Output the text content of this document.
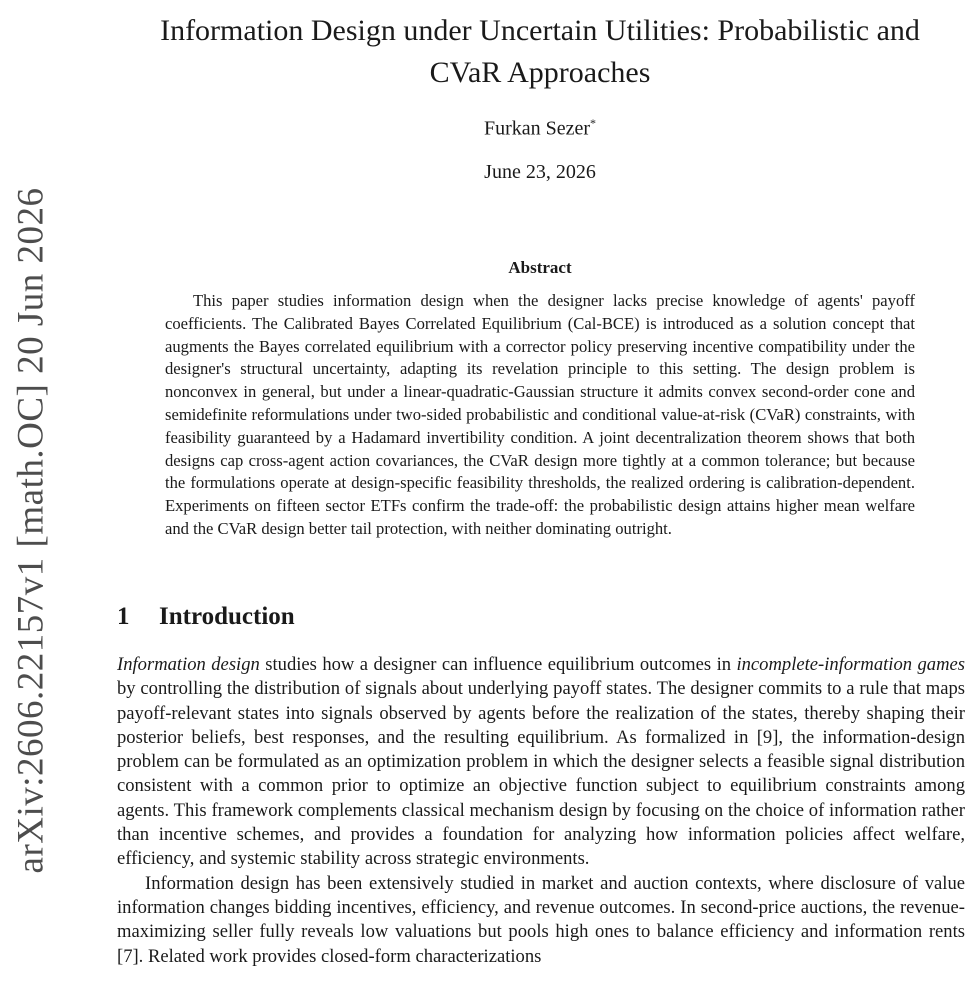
arXiv:2606.22157v1 [math.OC] 20 Jun 2026
Information Design under Uncertain Utilities: Probabilistic and CVaR Approaches
Furkan Sezer*
June 23, 2026
Abstract

This paper studies information design when the designer lacks precise knowledge of agents' payoff coefficients. The Calibrated Bayes Correlated Equilibrium (Cal-BCE) is introduced as a solution concept that augments the Bayes correlated equilibrium with a corrector policy preserving incentive compatibility under the designer's structural uncertainty, adapting its revelation principle to this setting. The design problem is nonconvex in general, but under a linear-quadratic-Gaussian structure it admits convex second-order cone and semidefinite reformulations under two-sided probabilistic and conditional value-at-risk (CVaR) constraints, with feasibility guaranteed by a Hadamard invertibility condition. A joint decentralization theorem shows that both designs cap cross-agent action covariances, the CVaR design more tightly at a common tolerance; but because the formulations operate at design-specific feasibility thresholds, the realized ordering is calibration-dependent. Experiments on fifteen sector ETFs confirm the trade-off: the probabilistic design attains higher mean welfare and the CVaR design better tail protection, with neither dominating outright.

1 Introduction

Information design studies how a designer can influence equilibrium outcomes in incomplete-information games by controlling the distribution of signals about underlying payoff states. The designer commits to a rule that maps payoff-relevant states into signals observed by agents before the realization of the states, thereby shaping their posterior beliefs, best responses, and the resulting equilibrium. As formalized in [9], the information-design problem can be formulated as an optimization problem in which the designer selects a feasible signal distribution consistent with a common prior to optimize an objective function subject to equilibrium constraints among agents. This framework complements classical mechanism design by focusing on the choice of information rather than incentive schemes, and provides a foundation for analyzing how information policies affect welfare, efficiency, and systemic stability across strategic environments.

Information design has been extensively studied in market and auction contexts, where disclosure of value information changes bidding incentives, efficiency, and revenue outcomes. In second-price auctions, the revenue-maximizing seller fully reveals low valuations but pools high ones to balance efficiency and information rents [7]. Related work provides closed-form characterizations
